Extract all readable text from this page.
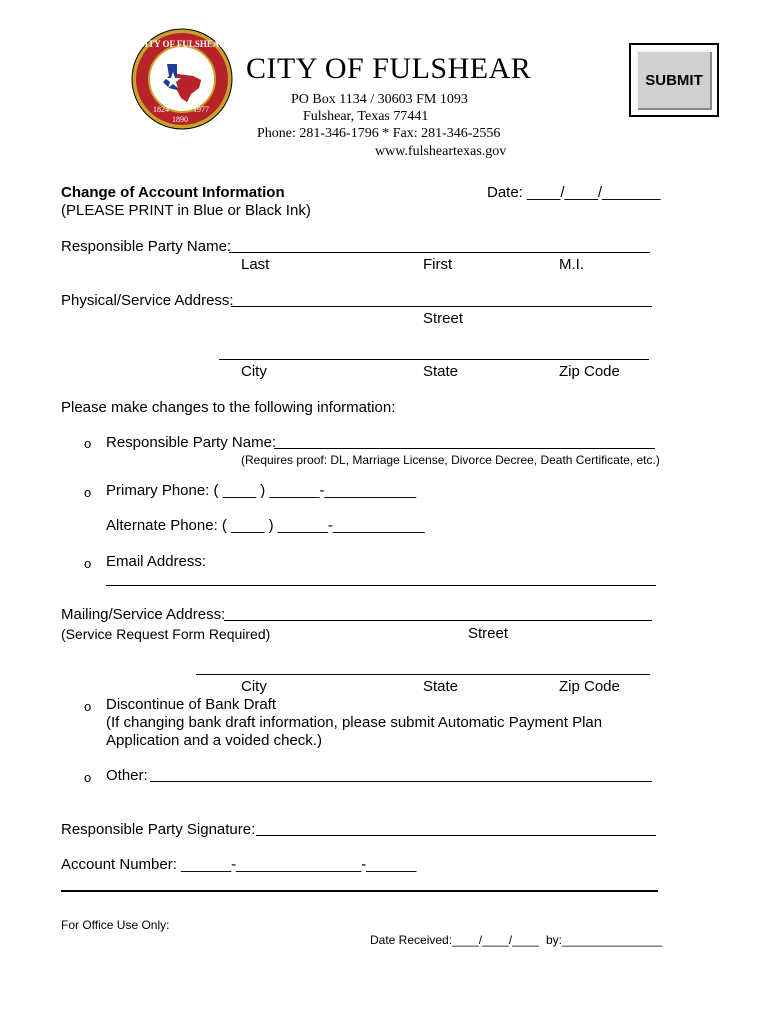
CITY OF FULSHEAR
1824
1890
1977
CITY OF FULSHEAR
PO Box 1134 / 30603 FM 1093
Fulshear, Texas 77441
Phone: 281-346-1796 * Fax: 281-346-2556
www.fulsheartexas.gov
SUBMIT
Change of Account Information
(PLEASE PRINT in Blue or Black Ink)
Date: ____/____/_______
Responsible Party Name:
Last	First	M.I.
Physical/Service Address:
Street
City	State	Zip Code
Please make changes to the following information:
o Responsible Party Name:
(Requires proof: DL, Marriage License, Divorce Decree, Death Certificate, etc.)
o Primary Phone: ( ____ ) ______-___________
Alternate Phone: ( ____ ) ______-___________
o Email Address:
Mailing/Service Address:
(Service Request Form Required)	Street
City	State	Zip Code
o Discontinue of Bank Draft
(If changing bank draft information, please submit Automatic Payment Plan
Application and a voided check.)
o Other:
Responsible Party Signature:
Account Number: ______-_______________-______
For Office Use Only:
Date Received:____/____/____ by:_______________
